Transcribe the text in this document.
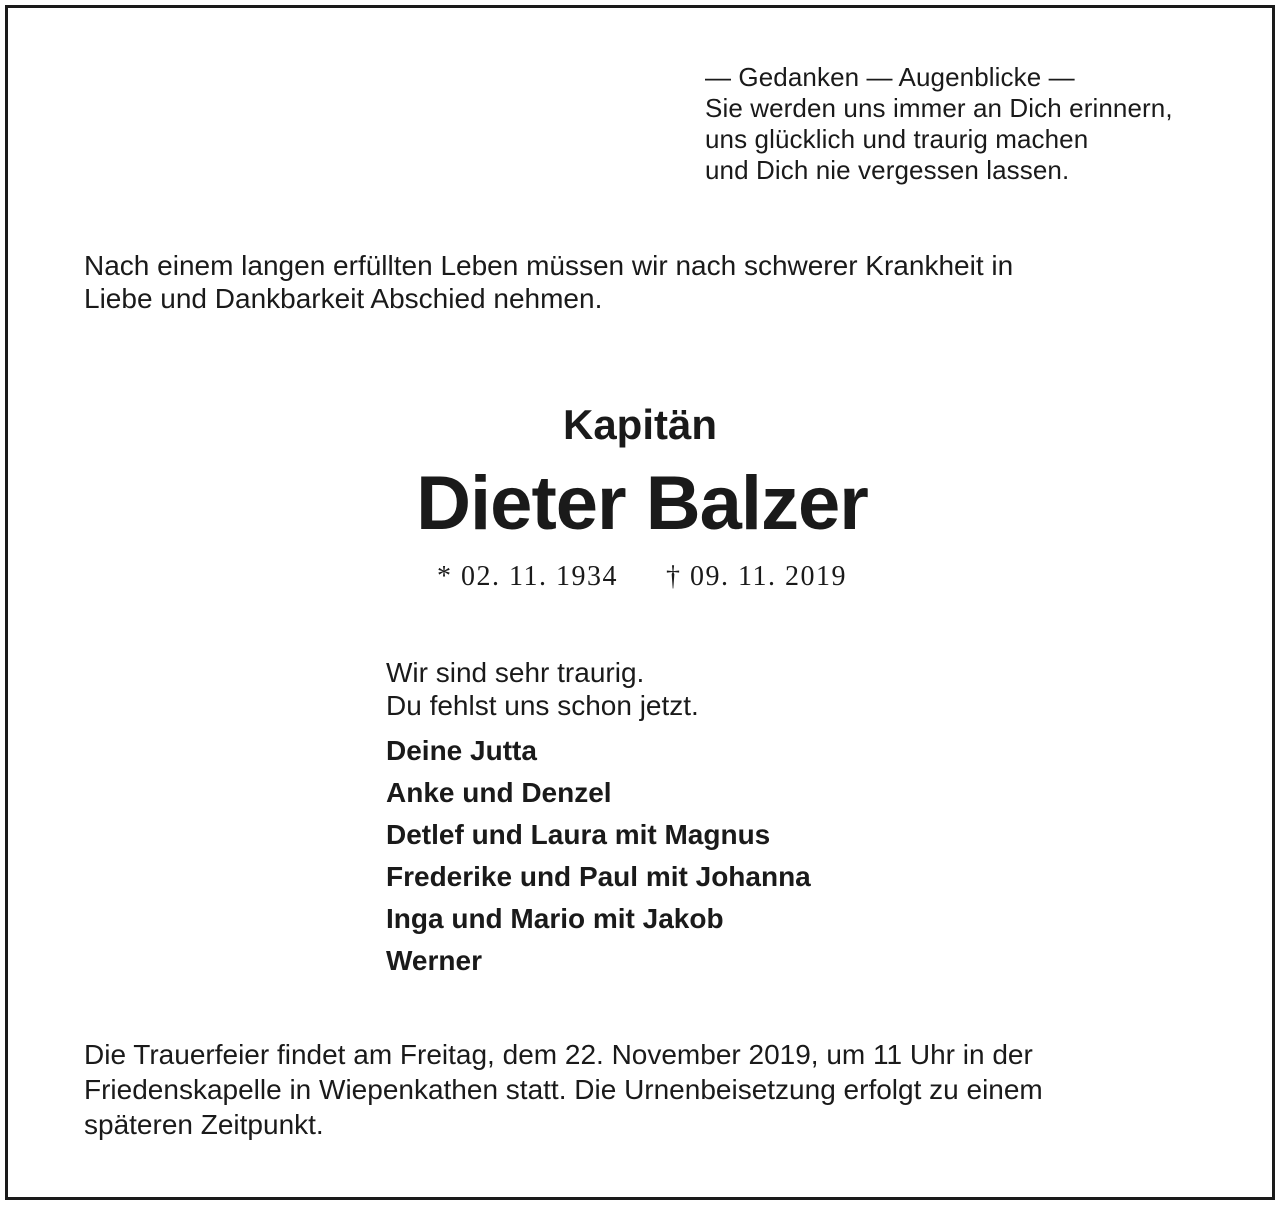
— Gedanken — Augenblicke —
Sie werden uns immer an Dich erinnern,
uns glücklich und traurig machen
und Dich nie vergessen lassen.
Nach einem langen erfüllten Leben müssen wir nach schwerer Krankheit in
Liebe und Dankbarkeit Abschied nehmen.
Kapitän
Dieter Balzer
* 02. 11. 1934 † 09. 11. 2019
Wir sind sehr traurig.
Du fehlst uns schon jetzt.
Deine Jutta
Anke und Denzel
Detlef und Laura mit Magnus
Frederike und Paul mit Johanna
Inga und Mario mit Jakob
Werner
Die Trauerfeier findet am Freitag, dem 22. November 2019, um 11 Uhr in der
Friedenskapelle in Wiepenkathen statt. Die Urnenbeisetzung erfolgt zu einem
späteren Zeitpunkt.
